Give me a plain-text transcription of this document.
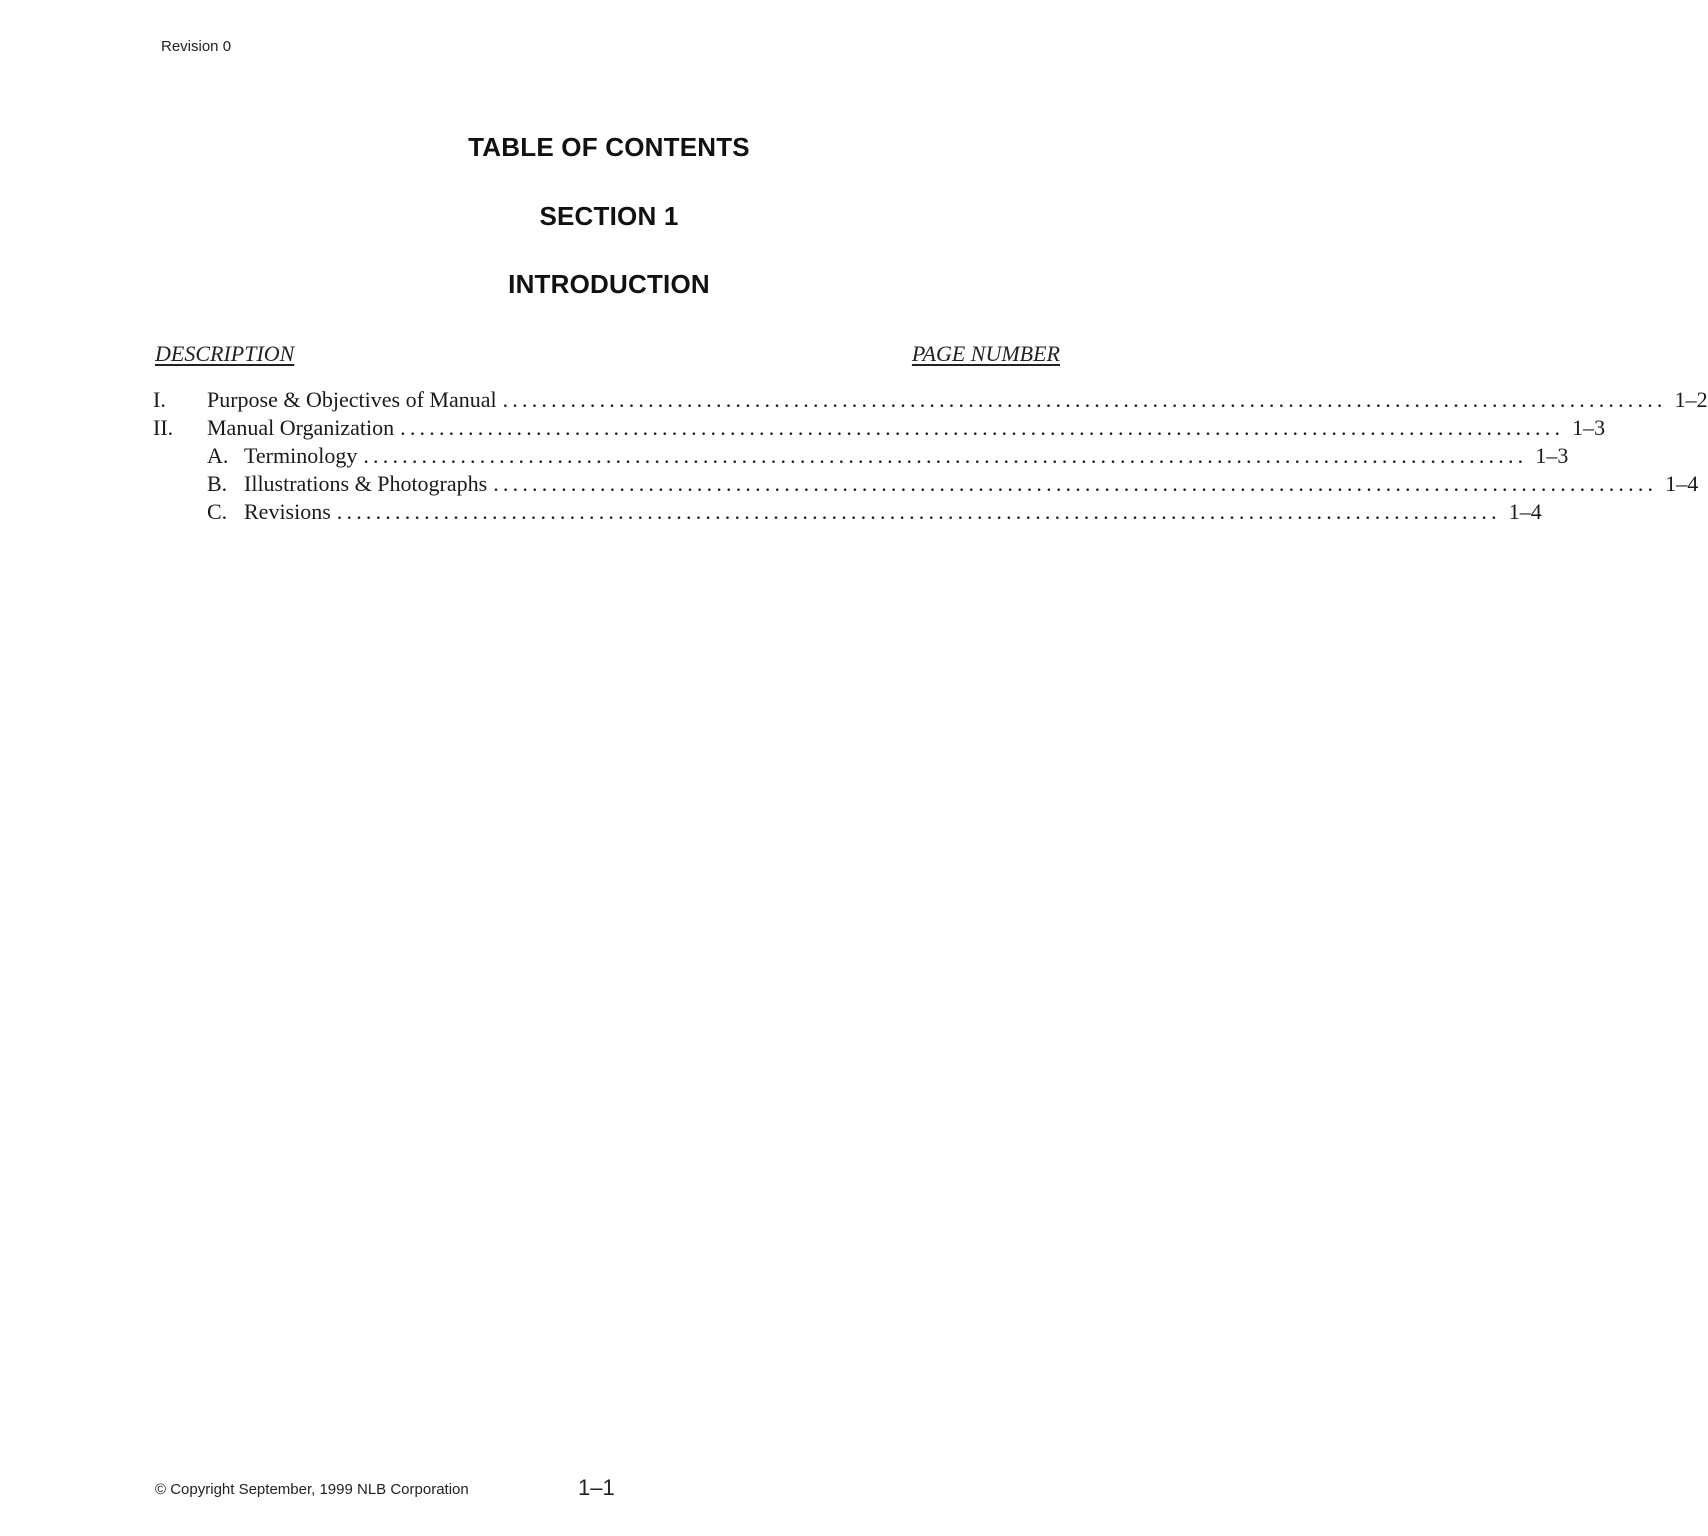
Revision 0
TABLE OF CONTENTS
SECTION 1
INTRODUCTION
DESCRIPTION	PAGE NUMBER
I.	Purpose & Objectives of Manual ........................................................................................................................ 1–2
II.	Manual Organization ........................................................................................................................ 1–3
A. Terminology ........................................................................................................................ 1–3
B. Illustrations & Photographs ........................................................................................................................ 1–4
C. Revisions ........................................................................................................................ 1–4
© Copyright September, 1999 NLB Corporation	1–1
